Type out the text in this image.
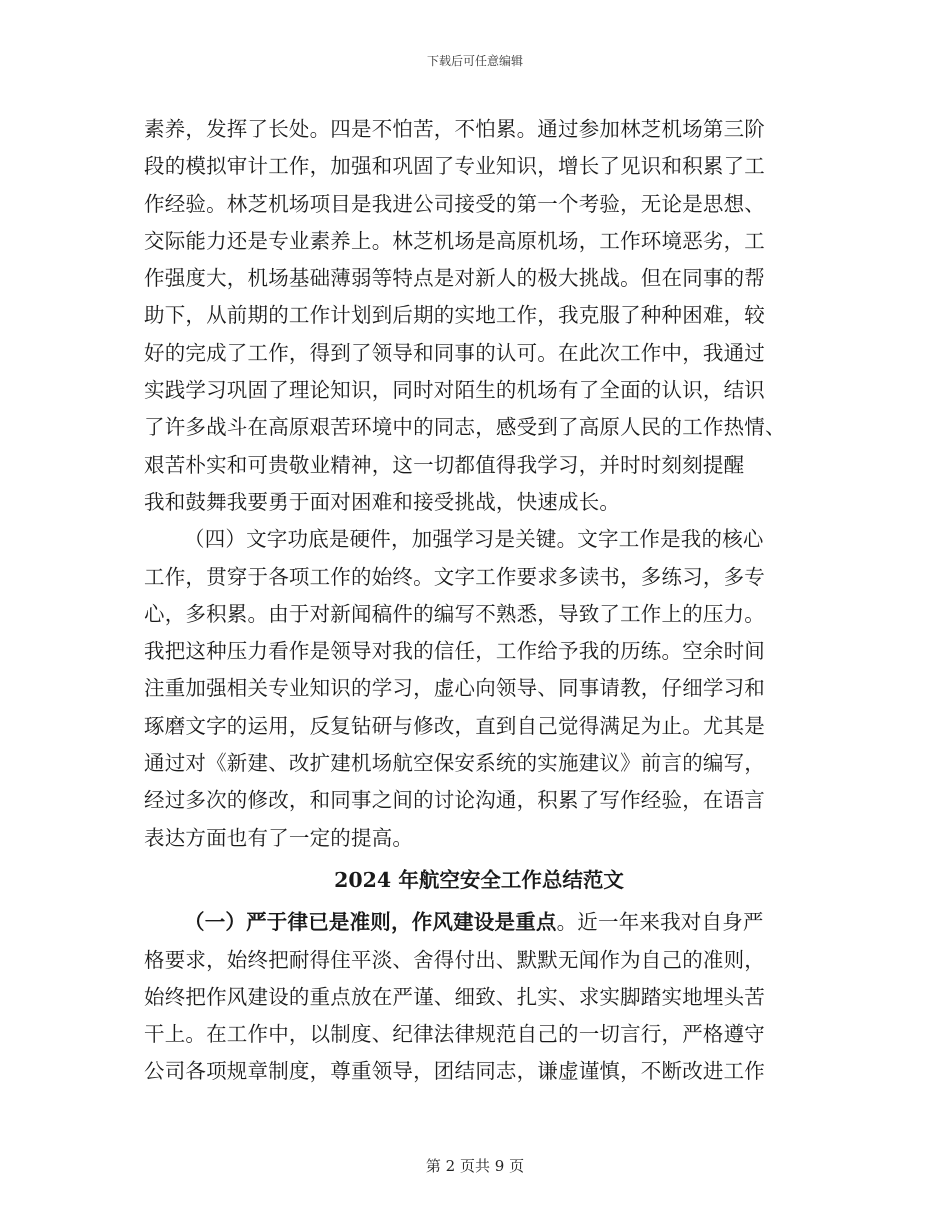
下载后可任意编辑
素养，发挥了长处。四是不怕苦，不怕累。通过参加林芝机场第三阶
段的模拟审计工作，加强和巩固了专业知识，增长了见识和积累了工
作经验。林芝机场项目是我进公司接受的第一个考验，无论是思想、
交际能力还是专业素养上。林芝机场是高原机场，工作环境恶劣，工
作强度大，机场基础薄弱等特点是对新人的极大挑战。但在同事的帮
助下，从前期的工作计划到后期的实地工作，我克服了种种困难，较
好的完成了工作，得到了领导和同事的认可。在此次工作中，我通过
实践学习巩固了理论知识，同时对陌生的机场有了全面的认识，结识
了许多战斗在高原艰苦环境中的同志，感受到了高原人民的工作热情、
艰苦朴实和可贵敬业精神，这一切都值得我学习，并时时刻刻提醒
我和鼓舞我要勇于面对困难和接受挑战，快速成长。
（四）文字功底是硬件，加强学习是关键。文字工作是我的核心
工作，贯穿于各项工作的始终。文字工作要求多读书，多练习，多专
心，多积累。由于对新闻稿件的编写不熟悉，导致了工作上的压力。
我把这种压力看作是领导对我的信任，工作给予我的历练。空余时间
注重加强相关专业知识的学习，虚心向领导、同事请教，仔细学习和
琢磨文字的运用，反复钻研与修改，直到自己觉得满足为止。尤其是
通过对《新建、改扩建机场航空保安系统的实施建议》前言的编写，
经过多次的修改，和同事之间的讨论沟通，积累了写作经验，在语言
表达方面也有了一定的提高。
2024 年航空安全工作总结范文
（一）严于律已是准则，作风建设是重点。近一年来我对自身严
格要求，始终把耐得住平淡、舍得付出、默默无闻作为自己的准则，
始终把作风建设的重点放在严谨、细致、扎实、求实脚踏实地埋头苦
干上。在工作中，以制度、纪律法律规范自己的一切言行，严格遵守
公司各项规章制度，尊重领导，团结同志，谦虚谨慎，不断改进工作
第 2 页共 9 页
